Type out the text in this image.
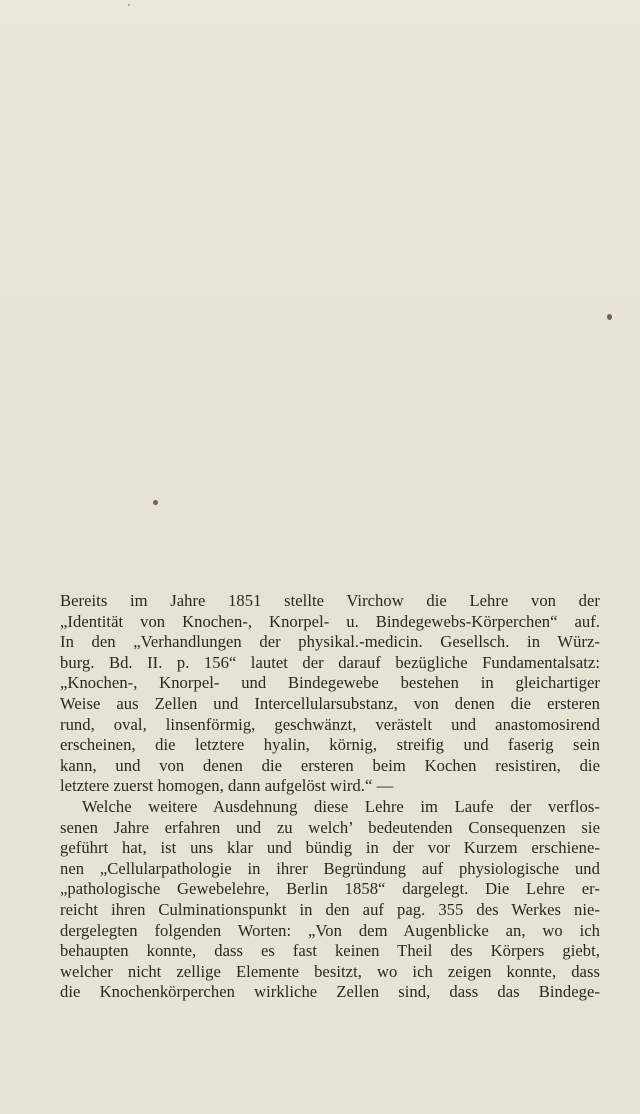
Bereits im Jahre 1851 stellte Virchow die Lehre von der
„Identität von Knochen-, Knorpel- u. Bindegewebs-Körperchen“ auf.
In den „Verhandlungen der physikal.-medicin. Gesellsch. in Würz-
burg. Bd. II. p. 156“ lautet der darauf bezügliche Fundamentalsatz:
„Knochen-, Knorpel- und Bindegewebe bestehen in gleichartiger
Weise aus Zellen und Intercellularsubstanz, von denen die ersteren
rund, oval, linsenförmig, geschwänzt, verästelt und anastomosirend
erscheinen, die letztere hyalin, körnig, streifig und faserig sein
kann, und von denen die ersteren beim Kochen resistiren, die
letztere zuerst homogen, dann aufgelöst wird.“ —
Welche weitere Ausdehnung diese Lehre im Laufe der verflos-
senen Jahre erfahren und zu welch’ bedeutenden Consequenzen sie
geführt hat, ist uns klar und bündig in der vor Kurzem erschiene-
nen „Cellularpathologie in ihrer Begründung auf physiologische und
„pathologische Gewebelehre, Berlin 1858“ dargelegt. Die Lehre er-
reicht ihren Culminationspunkt in den auf pag. 355 des Werkes nie-
dergelegten folgenden Worten: „Von dem Augenblicke an, wo ich
behaupten konnte, dass es fast keinen Theil des Körpers giebt,
welcher nicht zellige Elemente besitzt, wo ich zeigen konnte, dass
die Knochenkörperchen wirkliche Zellen sind, dass das Bindege-
